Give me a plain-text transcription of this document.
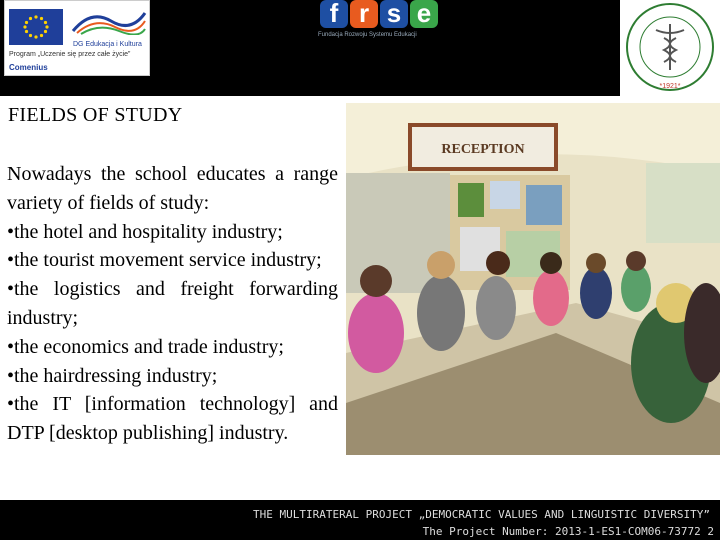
DG Edukacja i Kultura
Program „Uczenie się przez całe życie”
Comenius
f r s e
Fundacja Rozwoju Systemu Edukacji
*1921*
FIELDS OF STUDY

Nowadays the school educates a range variety of fields of study:

•the hotel and hospitality industry;

•the tourist movement service industry;

•the logistics and freight forwarding industry;

•the economics and trade industry;

•the hairdressing industry;

•the IT [information technology] and DTP [desktop publishing] industry.

RECEPTION
THE MULTIRATERAL PROJECT „DEMOCRATIC VALUES AND LINGUISTIC DIVERSITY”
The Project Number: 2013-1-ES1-COM06-73772 2
